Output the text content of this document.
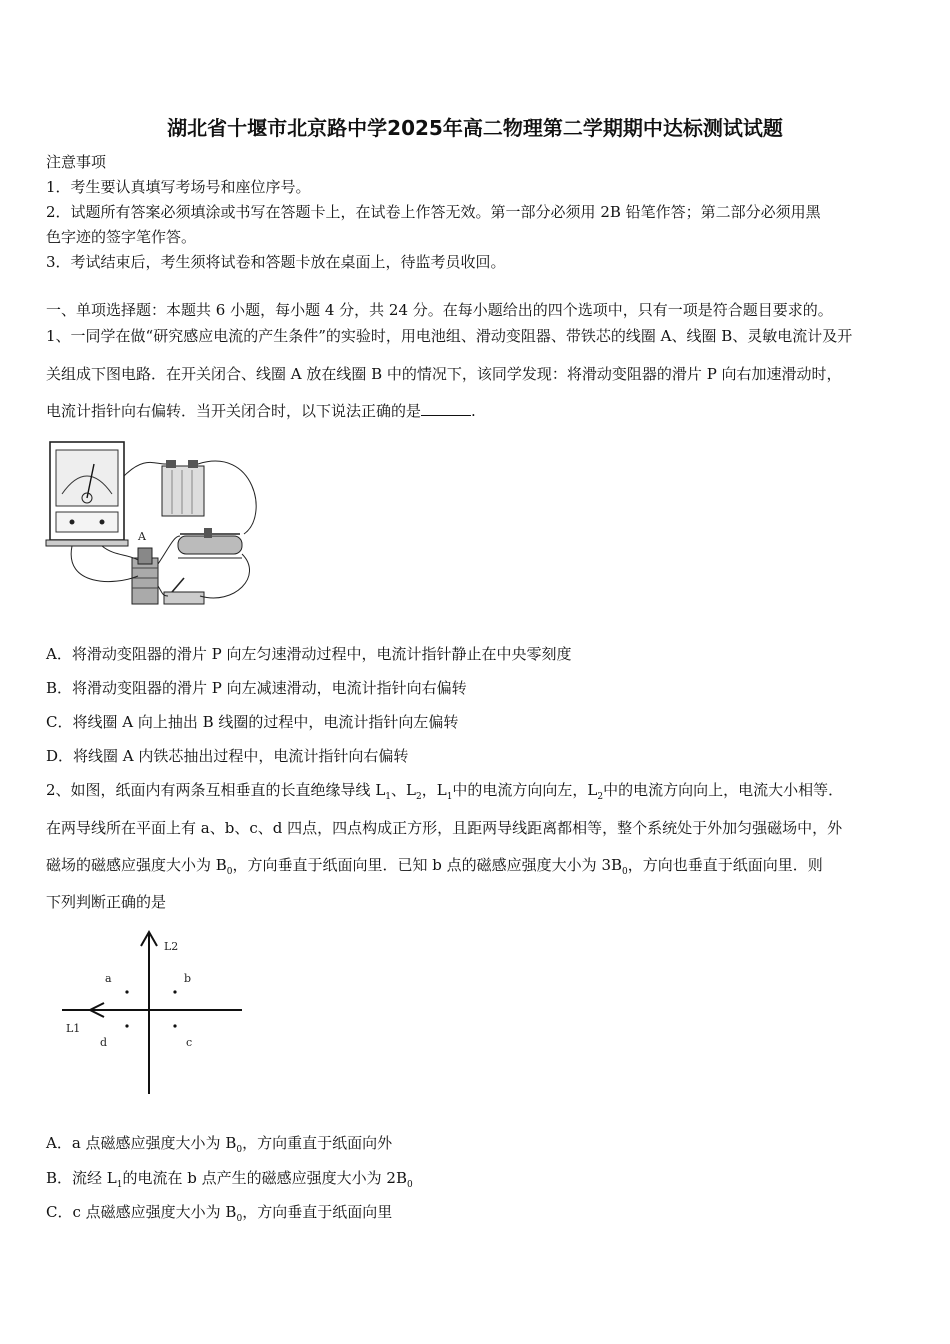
湖北省十堰市北京路中学2025年高二物理第二学期期中达标测试试题
注意事项
1．考生要认真填写考场号和座位序号。
2．试题所有答案必须填涂或书写在答题卡上，在试卷上作答无效。第一部分必须用 2B 铅笔作答；第二部分必须用黑
色字迹的签字笔作答。
3．考试结束后，考生须将试卷和答题卡放在桌面上，待监考员收回。
一、单项选择题：本题共 6 小题，每小题 4 分，共 24 分。在每小题给出的四个选项中，只有一项是符合题目要求的。
1、一同学在做“研究感应电流的产生条件”的实验时，用电池组、滑动变阻器、带铁芯的线圈 A、线圈 B、灵敏电流计及开
关组成下图电路．在开关闭合、线圈 A 放在线圈 B 中的情况下，该同学发现：将滑动变阻器的滑片 P 向右加速滑动时，
电流计指针向右偏转．当开关闭合时，以下说法正确的是	.
A
A．将滑动变阻器的滑片 P 向左匀速滑动过程中，电流计指针静止在中央零刻度
B．将滑动变阻器的滑片 P 向左减速滑动，电流计指针向右偏转
C．将线圈 A 向上抽出 B 线圈的过程中，电流计指针向左偏转
D．将线圈 A 内铁芯抽出过程中，电流计指针向右偏转
2、如图，纸面内有两条互相垂直的长直绝缘导线 $L_1$、$L_2$，$L_1$中的电流方向向左，$L_2$中的电流方向向上，电流大小相等．
在两导线所在平面上有 a、b、c、d 四点，四点构成正方形，且距两导线距离都相等，整个系统处于外加匀强磁场中，外
磁场的磁感应强度大小为 $B_0$，方向垂直于纸面向里．已知 b 点的磁感应强度大小为 $3B_0$，方向也垂直于纸面向里．则
下列判断正确的是
L2
L1
a	b
c
d
A．a 点磁感应强度大小为 $B_0$，方向重直于纸面向外
B．流经 $L_1$的电流在 b 点产生的磁感应强度大小为 $2B_0$
C．c 点磁感应强度大小为 $B_0$，方向垂直于纸面向里
